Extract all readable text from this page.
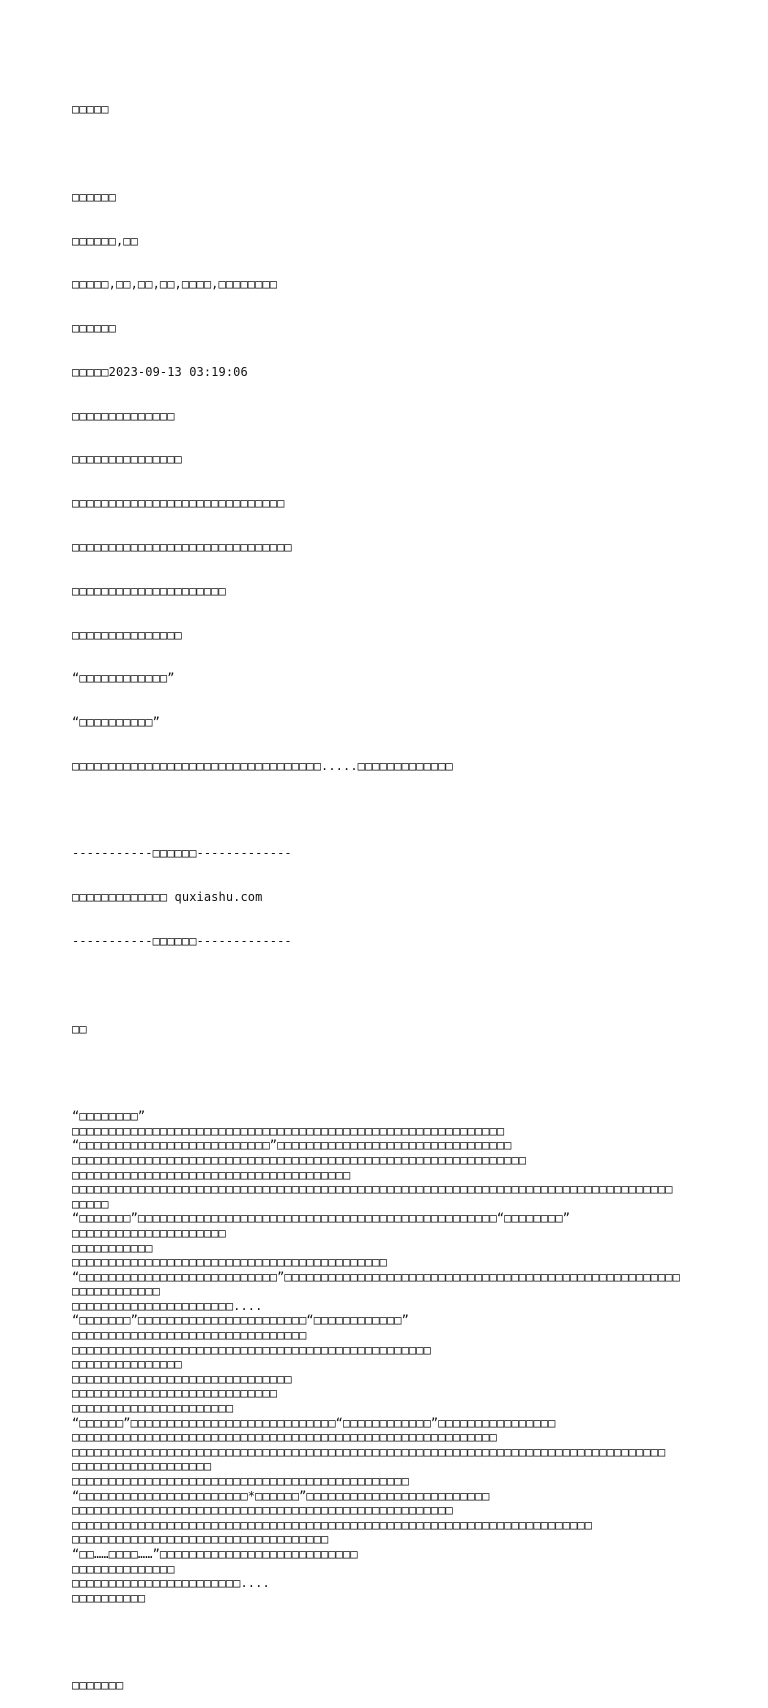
□□□□□

□□□□□□

□□□□□□,□□

□□□□□,□□,□□,□□,□□□□,□□□□□□□□

□□□□□□

□□□□□2023-09-13 03:19:06

□□□□□□□□□□□□□□

□□□□□□□□□□□□□□□

□□□□□□□□□□□□□□□□□□□□□□□□□□□□□

□□□□□□□□□□□□□□□□□□□□□□□□□□□□□□

□□□□□□□□□□□□□□□□□□□□□

□□□□□□□□□□□□□□□

“□□□□□□□□□□□□”

“□□□□□□□□□□”

□□□□□□□□□□□□□□□□□□□□□□□□□□□□□□□□□□.....□□□□□□□□□□□□□

-----------□□□□□□-------------

□□□□□□□□□□□□□ quxiashu.com

-----------□□□□□□-------------

□□

“□□□□□□□□”
□□□□□□□□□□□□□□□□□□□□□□□□□□□□□□□□□□□□□□□□□□□□□□□□□□□□□□□□□□□
“□□□□□□□□□□□□□□□□□□□□□□□□□□”□□□□□□□□□□□□□□□□□□□□□□□□□□□□□□□□
□□□□□□□□□□□□□□□□□□□□□□□□□□□□□□□□□□□□□□□□□□□□□□□□□□□□□□□□□□□□□□
□□□□□□□□□□□□□□□□□□□□□□□□□□□□□□□□□□□□□□
□□□□□□□□□□□□□□□□□□□□□□□□□□□□□□□□□□□□□□□□□□□□□□□□□□□□□□□□□□□□□□□□□□□□□□□□□□□□□□□□□□
□□□□□
“□□□□□□□”□□□□□□□□□□□□□□□□□□□□□□□□□□□□□□□□□□□□□□□□□□□□□□□□□“□□□□□□□□”
□□□□□□□□□□□□□□□□□□□□□
□□□□□□□□□□□
□□□□□□□□□□□□□□□□□□□□□□□□□□□□□□□□□□□□□□□□□□□
“□□□□□□□□□□□□□□□□□□□□□□□□□□□”□□□□□□□□□□□□□□□□□□□□□□□□□□□□□□□□□□□□□□□□□□□□□□□□□□□□□□
□□□□□□□□□□□□
□□□□□□□□□□□□□□□□□□□□□□....
“□□□□□□□”□□□□□□□□□□□□□□□□□□□□□□□“□□□□□□□□□□□□”
□□□□□□□□□□□□□□□□□□□□□□□□□□□□□□□□
□□□□□□□□□□□□□□□□□□□□□□□□□□□□□□□□□□□□□□□□□□□□□□□□□
□□□□□□□□□□□□□□□
□□□□□□□□□□□□□□□□□□□□□□□□□□□□□□
□□□□□□□□□□□□□□□□□□□□□□□□□□□□
□□□□□□□□□□□□□□□□□□□□□□
“□□□□□□”□□□□□□□□□□□□□□□□□□□□□□□□□□□□“□□□□□□□□□□□□”□□□□□□□□□□□□□□□□
□□□□□□□□□□□□□□□□□□□□□□□□□□□□□□□□□□□□□□□□□□□□□□□□□□□□□□□□□□
□□□□□□□□□□□□□□□□□□□□□□□□□□□□□□□□□□□□□□□□□□□□□□□□□□□□□□□□□□□□□□□□□□□□□□□□□□□□□□□□□
□□□□□□□□□□□□□□□□□□□
□□□□□□□□□□□□□□□□□□□□□□□□□□□□□□□□□□□□□□□□□□□□□□
“□□□□□□□□□□□□□□□□□□□□□□□*□□□□□□”□□□□□□□□□□□□□□□□□□□□□□□□□
□□□□□□□□□□□□□□□□□□□□□□□□□□□□□□□□□□□□□□□□□□□□□□□□□□□□
□□□□□□□□□□□□□□□□□□□□□□□□□□□□□□□□□□□□□□□□□□□□□□□□□□□□□□□□□□□□□□□□□□□□□□□
□□□□□□□□□□□□□□□□□□□□□□□□□□□□□□□□□□□
“□□……□□□□……”□□□□□□□□□□□□□□□□□□□□□□□□□□□
□□□□□□□□□□□□□□
□□□□□□□□□□□□□□□□□□□□□□□....
□□□□□□□□□□

□□□□□□□
